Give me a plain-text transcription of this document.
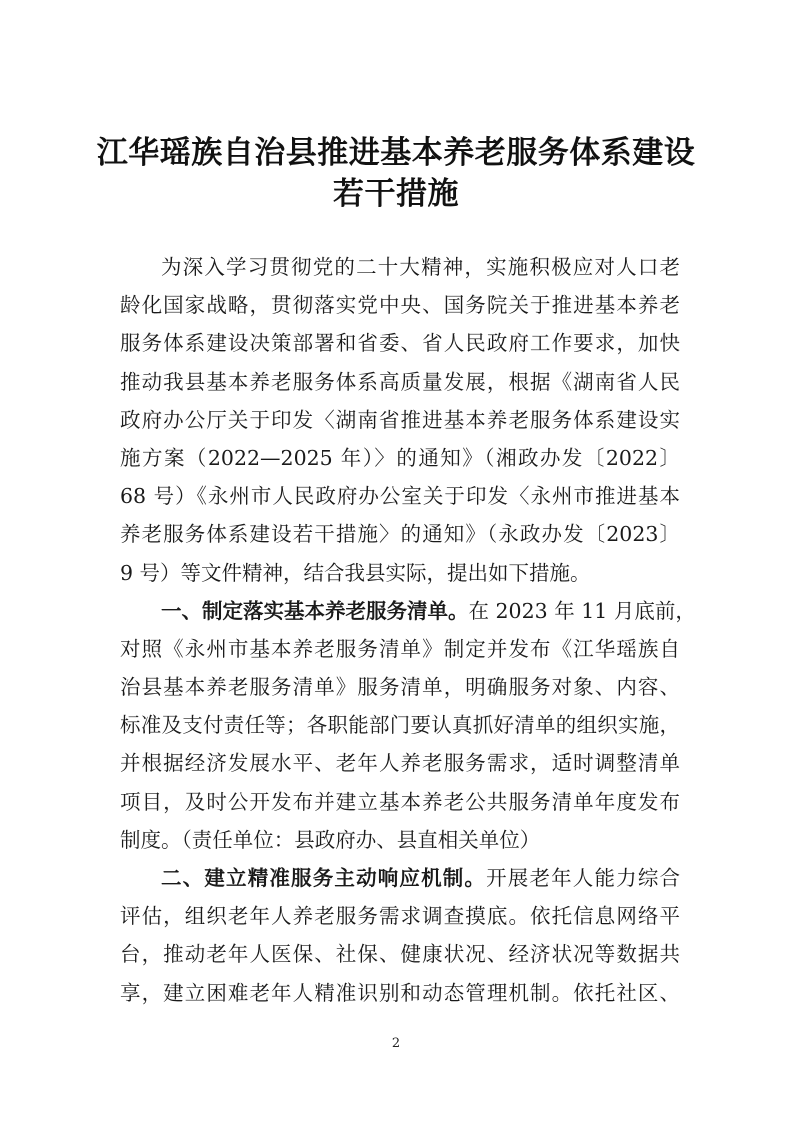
江华瑶族自治县推进基本养老服务体系建设
若干措施
为深入学习贯彻党的二十大精神，实施积极应对人口老
龄化国家战略，贯彻落实党中央、国务院关于推进基本养老
服务体系建设决策部署和省委、省人民政府工作要求，加快
推动我县基本养老服务体系高质量发展，根据《湖南省人民
政府办公厅关于印发〈湖南省推进基本养老服务体系建设实
施方案（2022—2025 年）〉的通知》（湘政办发〔2022〕
68 号）《永州市人民政府办公室关于印发〈永州市推进基本
养老服务体系建设若干措施〉的通知》（永政办发〔2023〕
9 号）等文件精神，结合我县实际，提出如下措施。
一、制定落实基本养老服务清单。在 2023 年 11 月底前，
对照《永州市基本养老服务清单》制定并发布《江华瑶族自
治县基本养老服务清单》服务清单，明确服务对象、内容、
标准及支付责任等；各职能部门要认真抓好清单的组织实施，
并根据经济发展水平、老年人养老服务需求，适时调整清单
项目，及时公开发布并建立基本养老公共服务清单年度发布
制度。（责任单位：县政府办、县直相关单位）
二、建立精准服务主动响应机制。开展老年人能力综合
评估，组织老年人养老服务需求调查摸底。依托信息网络平
台，推动老年人医保、社保、健康状况、经济状况等数据共
享，建立困难老年人精准识别和动态管理机制。依托社区、
2
